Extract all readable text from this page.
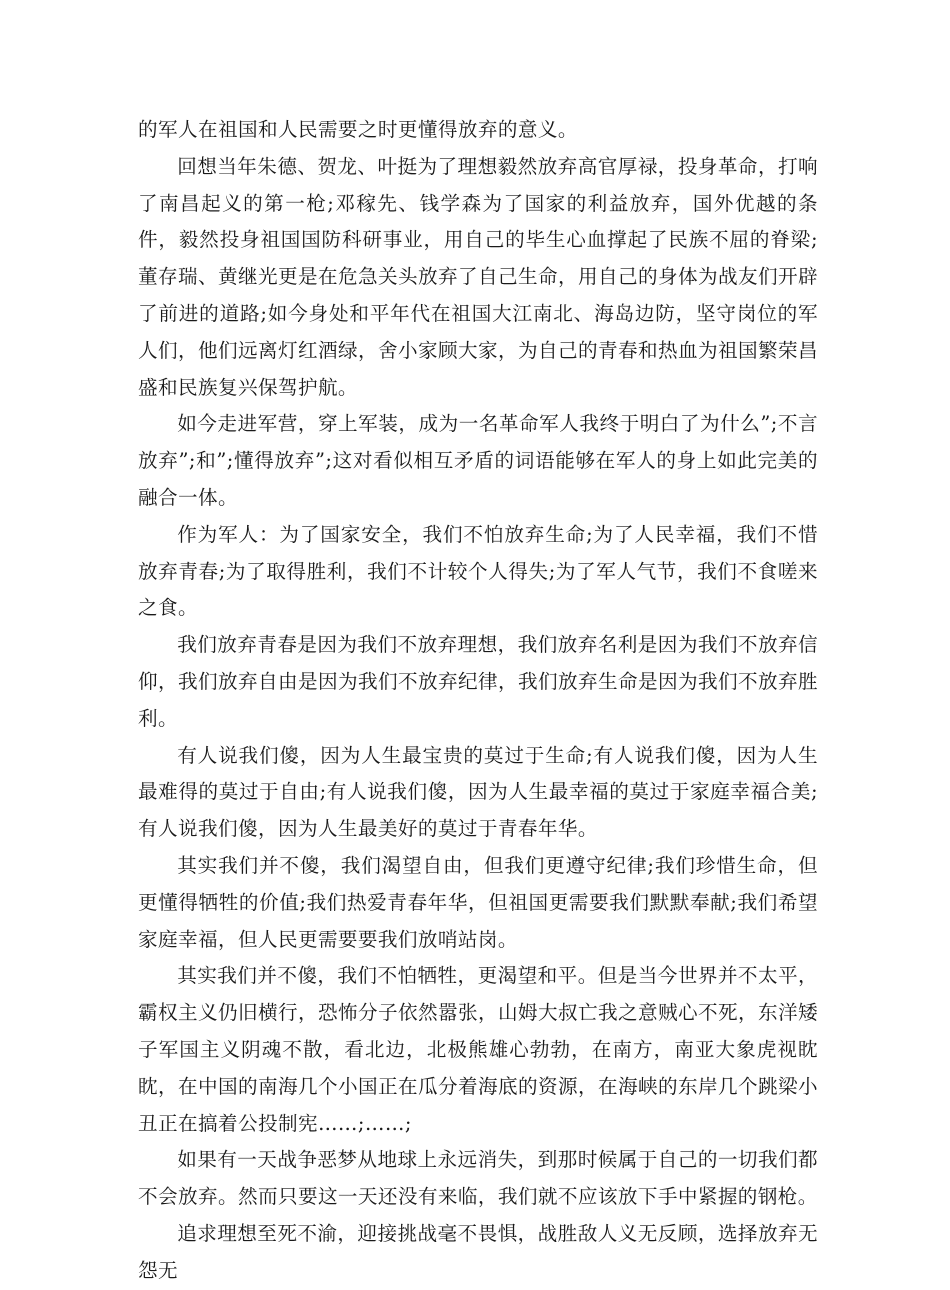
的军人在祖国和人民需要之时更懂得放弃的意义。

回想当年朱德、贺龙、叶挺为了理想毅然放弃高官厚禄，投身革命，打响了南昌起义的第一枪;邓稼先、钱学森为了国家的利益放弃，国外优越的条件，毅然投身祖国国防科研事业，用自己的毕生心血撑起了民族不屈的脊梁;董存瑞、黄继光更是在危急关头放弃了自己生命，用自己的身体为战友们开辟了前进的道路;如今身处和平年代在祖国大江南北、海岛边防，坚守岗位的军人们，他们远离灯红酒绿，舍小家顾大家，为自己的青春和热血为祖国繁荣昌盛和民族复兴保驾护航。

如今走进军营，穿上军装，成为一名革命军人我终于明白了为什么”;不言放弃”;和”;懂得放弃”;这对看似相互矛盾的词语能够在军人的身上如此完美的融合一体。

作为军人：为了国家安全，我们不怕放弃生命;为了人民幸福，我们不惜放弃青春;为了取得胜利，我们不计较个人得失;为了军人气节，我们不食嗟来之食。

我们放弃青春是因为我们不放弃理想，我们放弃名利是因为我们不放弃信仰，我们放弃自由是因为我们不放弃纪律，我们放弃生命是因为我们不放弃胜利。

有人说我们傻，因为人生最宝贵的莫过于生命;有人说我们傻，因为人生最难得的莫过于自由;有人说我们傻，因为人生最幸福的莫过于家庭幸福合美;有人说我们傻，因为人生最美好的莫过于青春年华。

其实我们并不傻，我们渴望自由，但我们更遵守纪律;我们珍惜生命，但更懂得牺牲的价值;我们热爱青春年华，但祖国更需要我们默默奉献;我们希望家庭幸福，但人民更需要要我们放哨站岗。

其实我们并不傻，我们不怕牺牲，更渴望和平。但是当今世界并不太平，霸权主义仍旧横行，恐怖分子依然嚣张，山姆大叔亡我之意贼心不死，东洋矮子军国主义阴魂不散，看北边，北极熊雄心勃勃，在南方，南亚大象虎视眈眈，在中国的南海几个小国正在瓜分着海底的资源，在海峡的东岸几个跳梁小丑正在搞着公投制宪……;……;

如果有一天战争恶梦从地球上永远消失，到那时候属于自己的一切我们都不会放弃。然而只要这一天还没有来临，我们就不应该放下手中紧握的钢枪。

追求理想至死不渝，迎接挑战毫不畏惧，战胜敌人义无反顾，选择放弃无怨无
